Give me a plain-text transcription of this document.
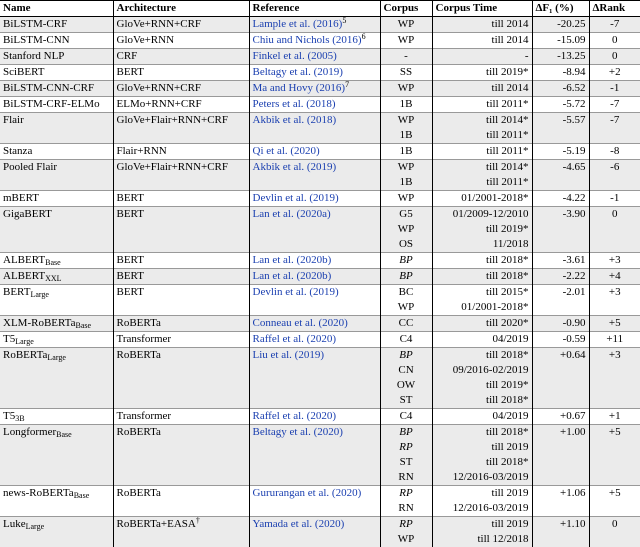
Name	Architecture	Reference	Corpus	Corpus Time	ΔF₁ (%)	ΔRank
BiLSTM-CRF	GloVe+RNN+CRF	Lample et al. $(2016)^5$	WP	till 2014	-20.25	-7
BiLSTM-CNN	GloVe+RNN	Chiu and Nichols $(2016)^6$	WP	till 2014	-15.09	0
Stanford NLP	CRF	Finkel et al. (2005)	-	-	-13.25	0
SciBERT	BERT	Beltagy et al. (2019)	SS	till 2019*	-8.94	+2
BiLSTM-CNN-CRF	GloVe+RNN+CRF	Ma and Hovy $(2016)^7$	WP	till 2014	-6.52	-1
BiLSTM-CRF-ELMo	ELMo+RNN+CRF	Peters et al. (2018)	1B	till 2011*	-5.72	-7
Flair	GloVe+Flair+RNN+CRF	Akbik et al. (2018)	WP	till 2014*	-5.57	-7
			1B	till 2011*		
Stanza	Flair+RNN	Qi et al. (2020)	1B	till 2011*	-5.19	-8
Pooled Flair	GloVe+Flair+RNN+CRF	Akbik et al. (2019)	WP	till 2014*	-4.65	-6
			1B	till 2011*		
mBERT	BERT	Devlin et al. (2019)	WP	01/2001-2018*	-4.22	-1
GigaBERT	BERT	Lan et al. (2020a)	G5	01/2009-12/2010	-3.90	0
			WP	till 2019*		
			OS	11/2018		
$ALBERT_{Base}$	BERT	Lan et al. (2020b)	BP	till 2018*	-3.61	+3
$ALBERT_{XXL}$	BERT	Lan et al. (2020b)	BP	till 2018*	-2.22	+4
$BERT_{Large}$	BERT	Devlin et al. (2019)	BC	till 2015*	-2.01	+3
			WP	01/2001-2018*		
XLM-RoBERTa$_{Base}$	RoBERTa	Conneau et al. (2020)	CC	till 2020*	-0.90	+5
$T5_{Large}$	Transformer	Raffel et al. (2020)	C4	04/2019	-0.59	+11
RoBERTa$_{Large}$	RoBERTa	Liu et al. (2019)	BP	till 2018*	+0.64	+3
			CN	09/2016-02/2019		
			OW	till 2019*		
			ST	till 2018*		
$T5_{3B}$	Transformer	Raffel et al. (2020)	C4	04/2019	+0.67	+1
Longformer$_{Base}$	RoBERTa	Beltagy et al. (2020)	BP	till 2018*	+1.00	+5
			RP	till 2019		
			ST	till 2018*		
			RN	12/2016-03/2019		
news-RoBERTa$_{Base}$	RoBERTa	Gururangan et al. (2020)	RP	till 2019	+1.06	+5
			RN	12/2016-03/2019		
Luke$_{Large}$	RoBERTa+EASA†	Yamada et al. (2020)	RP	till 2019	+1.10	0
			WP	till 12/2018		
